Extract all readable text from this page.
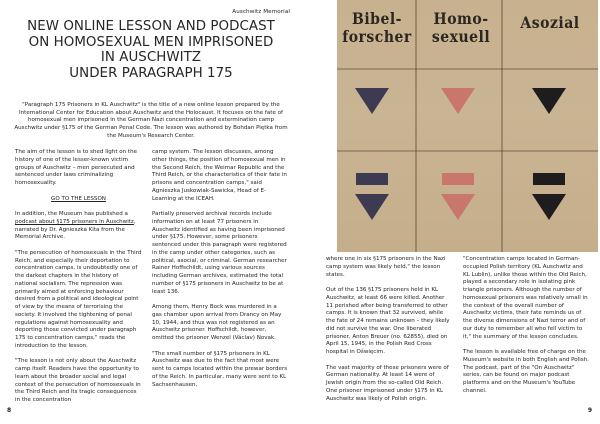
Auschwitz Memorial
NEW ONLINE LESSON AND PODCAST
ON HOMOSEXUAL MEN IMPRISONED
IN AUSCHWITZ
UNDER PARAGRAPH 175

"Paragraph 175 Prisoners in KL Auschwitz" is the title of a new online lesson prepared by the International Center for Education about Auschwitz and the Holocaust. It focuses on the fate of homosexual men imprisoned in the German Nazi concentration and extermination camp Auschwitz under §175 of the German Penal Code. The lesson was authored by Bohdan Piętka from the Museum's Research Center.

The aim of the lesson is to shed light on the history of one of the lesser-known victim groups of Auschwitz – men persecuted and sentenced under laws criminalizing homosexuality.

GO TO THE LESSON

In addition, the Museum has published a podcast about §175 prisoners in Auschwitz, narrated by Dr. Agnieszka Kita from the Memorial Archive.

"The persecution of homosexuals in the Third Reich, and especially their deportation to concentration camps, is undoubtedly one of the darkest chapters in the history of national socialism. The repression was primarily aimed at enforcing behaviour desired from a political and ideological point of view by the means of terrorising the society. It involved the tightening of penal regulations against homosexuality and deporting those convicted under paragraph 175 to concentration camps," reads the introduction to the lesson.

"The lesson is not only about the Auschwitz camp itself. Readers have the opportunity to learn about the broader social and legal context of the persecution of homosexuals in the Third Reich and its tragic consequences in the concentration

camp system. The lesson discusses, among other things, the position of homosexual men in the Second Reich, the Weimar Republic and the Third Reich, or the characteristics of their fate in prisons and concentration camps," said Agnieszka Juskowiak-Sawicka, Head of E-Learning at the ICEAH.

Partially preserved archival records include information on at least 77 prisoners in Auschwitz identified as having been imprisoned under §175. However, some prisoners sentenced under this paragraph were registered in the camp under other categories, such as political, asocial, or criminal. German researcher Rainer Hoffschildt, using various sources including German archives, estimated the total number of §175 prisoners in Auschwitz to be at least 136.

Among them, Henry Bock was murdered in a gas chamber upon arrival from Drancy on May 10, 1944, and thus was not registered as an Auschwitz prisoner. Hoffschildt, however, omitted the prisoner Wenzel (Václav) Novak.

"The small number of §175 prisoners in KL Auschwitz was due to the fact that most were sent to camps located within the prewar borders of the Reich. In particular, many were sent to KL Sachsenhausen,

8
Bibel-
forscher
Homo-
sexuell
Asozial

where one in six §175 prisoners in the Nazi camp system was likely held," the lesson states.

Out of the 136 §175 prisoners held in KL Auschwitz, at least 66 were killed. Another 11 perished after being transferred to other camps. It is known that 32 survived, while the fate of 24 remains unknown – they likely did not survive the war. One liberated prisoner, Anton Breuer (no. 62855), died on April 15, 1945, in the Polish Red Cross hospital in Oświęcim.

The vast majority of these prisoners were of German nationality. At least 14 were of Jewish origin from the so-called Old Reich. One prisoner imprisoned under §175 in KL Auschwitz was likely of Polish origin.

"Concentration camps located in German-occupied Polish territory (KL Auschwitz and KL Lublin), unlike those within the Old Reich, played a secondary role in isolating pink triangle prisoners. Although the number of homosexual prisoners was relatively small in the context of the overall number of Auschwitz victims, their fate reminds us of the diverse dimensions of Nazi terror and of our duty to remember all who fell victim to it," the summary of the lesson concludes.

The lesson is available free of charge on the Museum's website in both English and Polish. The podcast, part of the "On Auschwitz" series, can be found on major podcast platforms and on the Museum's YouTube channel.

9
